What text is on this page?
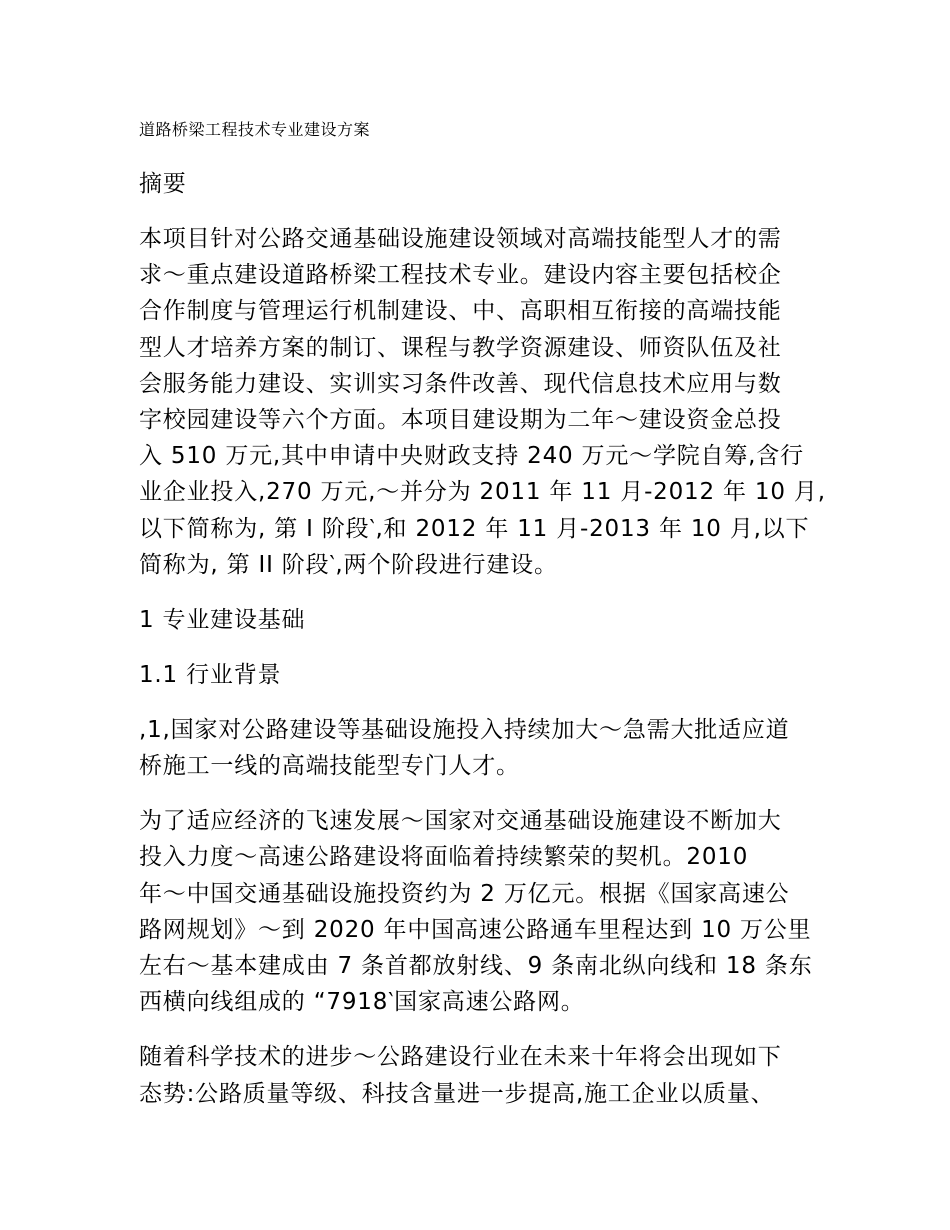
道路桥梁工程技术专业建设方案
摘要
本项目针对公路交通基础设施建设领域对高端技能型人才的需
求～重点建设道路桥梁工程技术专业。建设内容主要包括校企
合作制度与管理运行机制建设、中、高职相互衔接的高端技能
型人才培养方案的制订、课程与教学资源建设、师资队伍及社
会服务能力建设、实训实习条件改善、现代信息技术应用与数
字校园建设等六个方面。本项目建设期为二年～建设资金总投
入 510 万元,其中申请中央财政支持 240 万元～学院自筹,含行
业企业投入,270 万元,～并分为 2011 年 11 月-2012 年 10 月,
以下简称为, 第 I 阶段‵,和 2012 年 11 月-2013 年 10 月,以下
简称为, 第 II 阶段‵,两个阶段进行建设。
1 专业建设基础
1.1 行业背景
,1,国家对公路建设等基础设施投入持续加大～急需大批适应道
桥施工一线的高端技能型专门人才。
为了适应经济的飞速发展～国家对交通基础设施建设不断加大
投入力度～高速公路建设将面临着持续繁荣的契机。2010
年～中国交通基础设施投资约为 2 万亿元。根据《国家高速公
路网规划》～到 2020 年中国高速公路通车里程达到 10 万公里
左右～基本建成由 7 条首都放射线、9 条南北纵向线和 18 条东
西横向线组成的 “7918‵国家高速公路网。
随着科学技术的进步～公路建设行业在未来十年将会出现如下
态势:公路质量等级、科技含量进一步提高,施工企业以质量、
